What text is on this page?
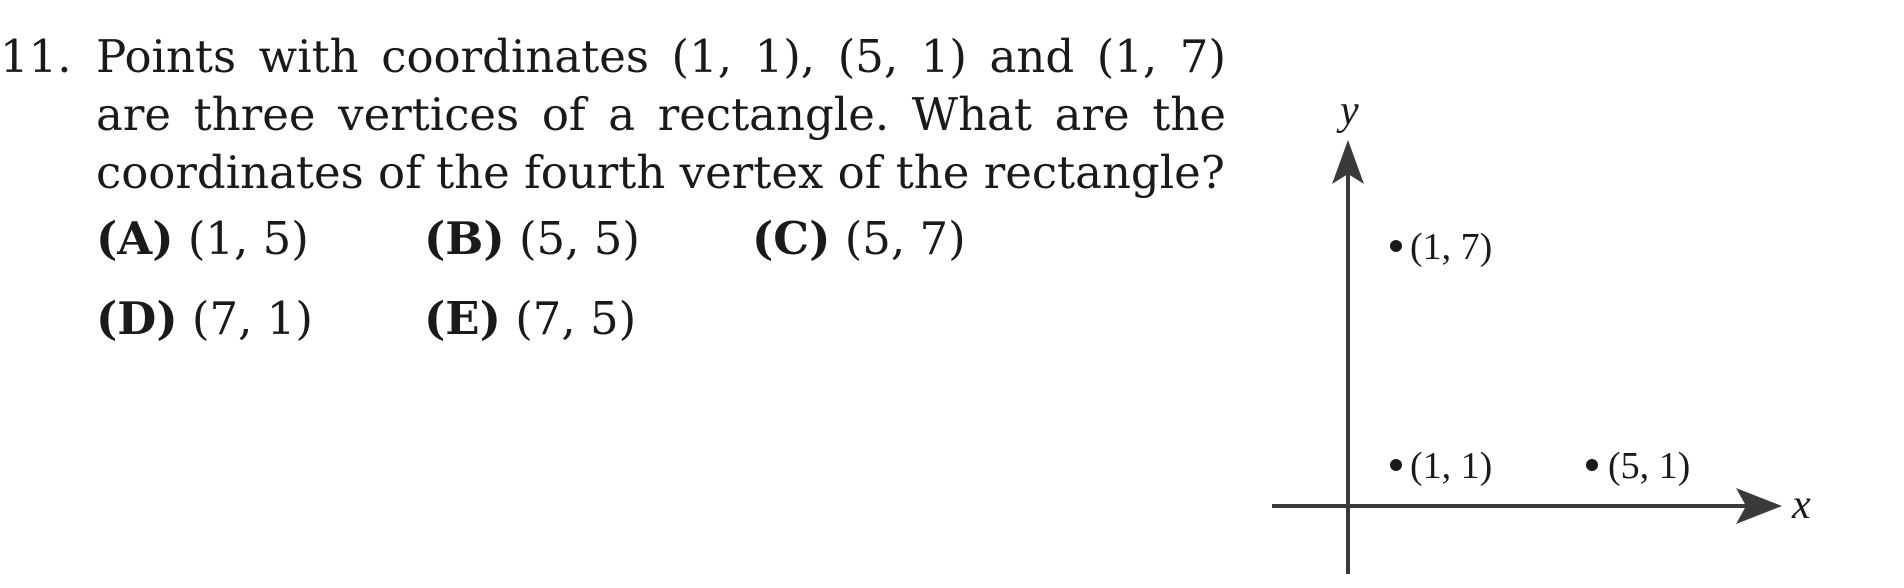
11. Points with coordinates (1, 1), (5, 1) and (1, 7) are three vertices of a rectangle. What are the coordinates of the fourth vertex of the rectangle?
(A) (1, 5)	(B) (5, 5) (C) (5, 7)
(D) (7, 1) (E) (7, 5)
x
y
(1, 7)
(1, 1)	(5, 1)
